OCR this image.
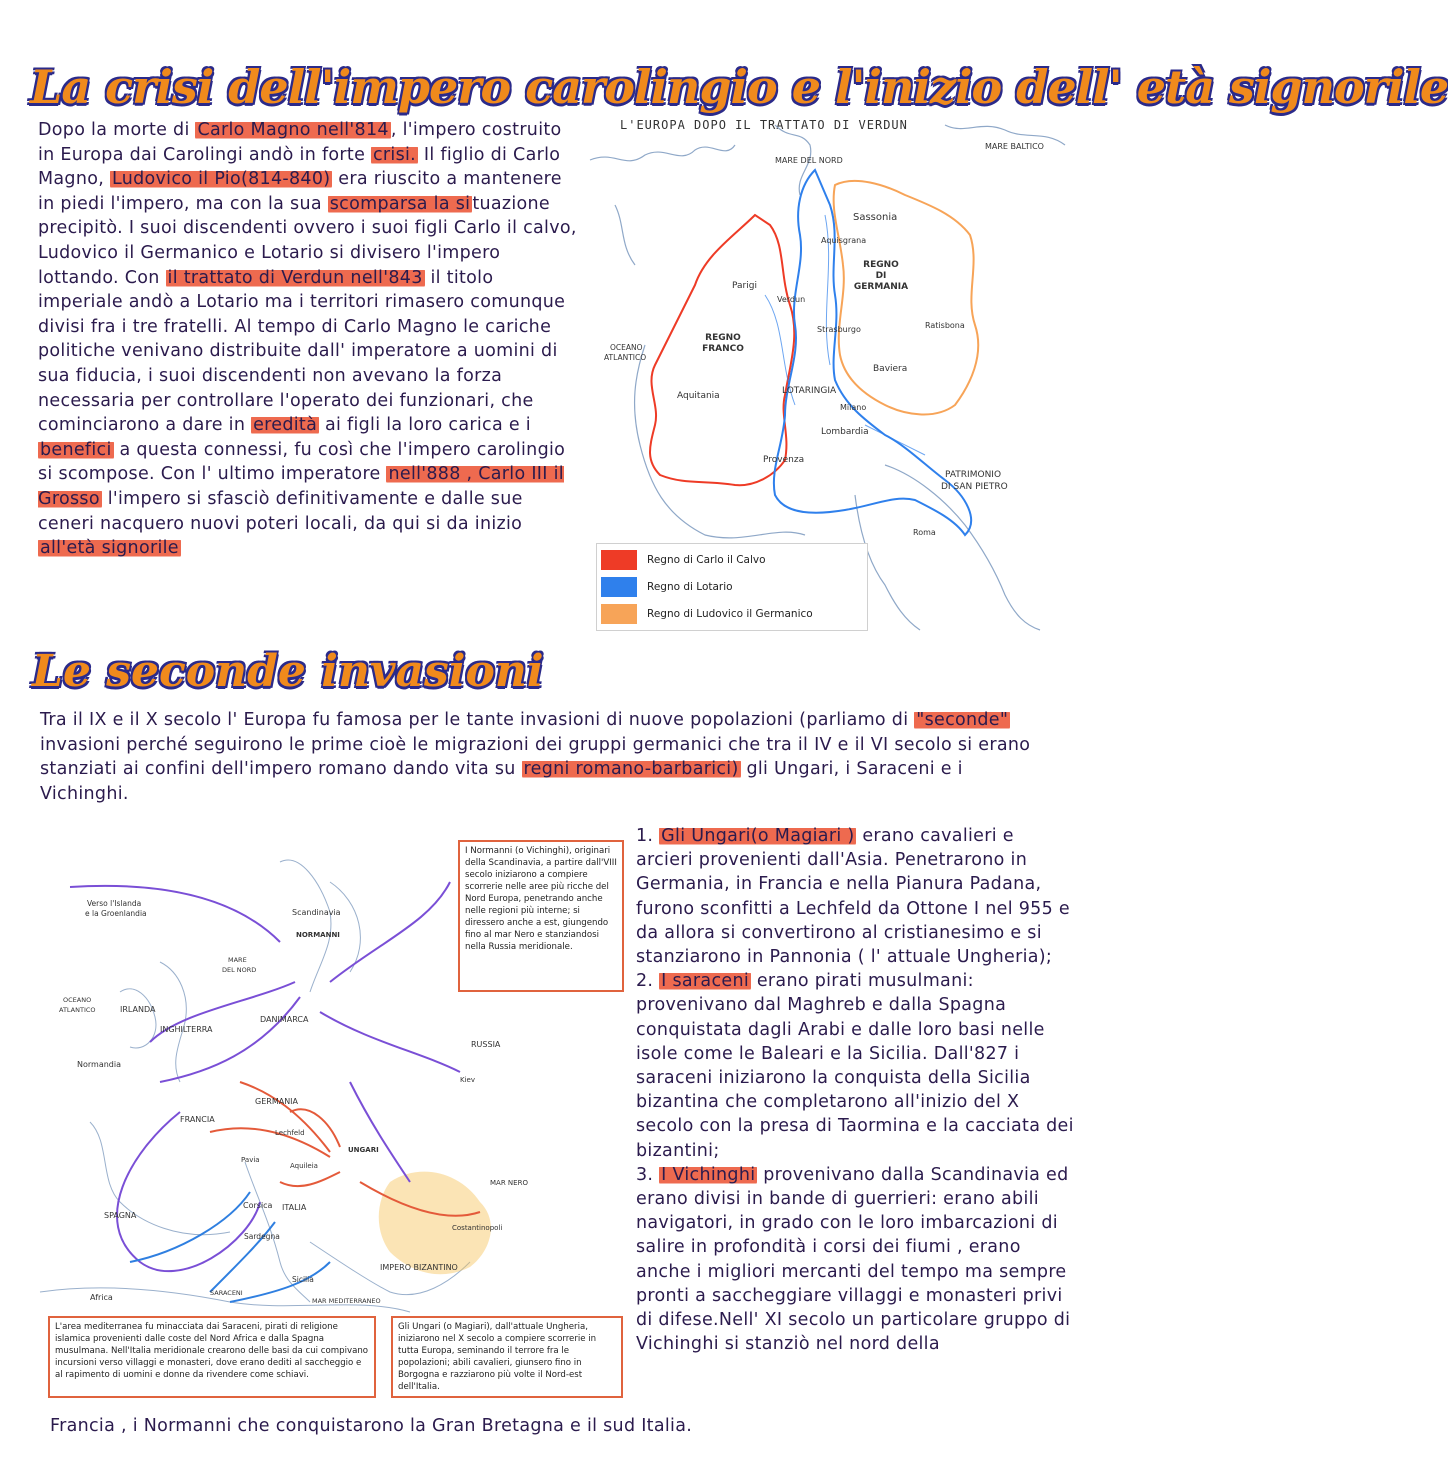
La crisi dell'impero carolingio e l'inizio dell' età signorile

Dopo la morte di Carlo Magno nell'814 , l'impero costruito in Europa dai Carolingi andò in forte crisi. Il figlio di Carlo Magno, Ludovico il Pio(814-840) era riuscito a mantenere in piedi l'impero, ma con la sua scomparsa la si tuazione precipitò. I suoi discendenti ovvero i suoi figli Carlo il calvo, Ludovico il Germanico e Lotario si divisero l'impero lottando. Con il trattato di Verdun nell'843 il titolo imperiale andò a Lotario ma i territori rimasero comunque divisi fra i tre fratelli. Al tempo di Carlo Magno le cariche politiche venivano distribuite dall' imperatore a uomini di sua fiducia, i suoi discendenti non avevano la forza necessaria per controllare l'operato dei funzionari, che cominciarono a dare in eredità ai figli la loro carica e i benefici a questa connessi, fu così che l'impero carolingio si scompose. Con l' ultimo imperatore nell'888 , Carlo III il Grosso l'impero si sfasciò definitivamente e dalle sue ceneri nacquero nuovi poteri locali, da qui si da inizio all'età signorile

L'EUROPA DOPO IL TRATTATO DI VERDUN
MARE DEL NORD
MARE BALTICO
Sassonia
Aquisgrana
REGNO
DI
GERMANIA
Parigi
Verdun
Strasburgo	Ratisbona
OCEANO
ATLANTICO
REGNO
FRANCO
Baviera
Aquitania	LOTARINGIA
Milano
Lombardia
Provenza
PATRIMONIO
DI SAN PIETRO
Roma
Regno di Carlo il Calvo
Regno di Lotario
Regno di Ludovico il Germanico
Le seconde invasioni

Tra il IX e il X secolo l' Europa fu famosa per le tante invasioni di nuove popolazioni (parliamo di "seconde" invasioni perché seguirono le prime cioè le migrazioni dei gruppi germanici che tra il IV e il VI secolo si erano stanziati ai confini dell'impero romano dando vita su regni romano-barbarici) gli Ungari, i Saraceni e i Vichinghi.

Verso l'Islanda
e la Groenlandia	Scandinavia
NORMANNI
MARE
DEL NORD
OCEANO
ATLANTICO	IRLANDA
INGHILTERRA
DANIMARCA
RUSSIA
Kiev
Normandia
GERMANIA
FRANCIA
Lechfeld
UNGARI
Pavia
Aquileia
MAR NERO
Corsica ITALIA
SPAGNA
Sardegna
Costantinopoli
IMPERO BIZANTINO
Sicilia
Africa	SARACENI
MAR MEDITERRANEO
I Normanni (o Vichinghi), originari della Scandinavia, a partire dall'VIII secolo iniziarono a compiere scorrerie nelle aree più ricche del Nord Europa, penetrando anche nelle regioni più interne; si diressero anche a est, giungendo fino al mar Nero e stanziandosi nella Russia meridionale.
L'area mediterranea fu minacciata dai Saraceni, pirati di religione islamica provenienti dalle coste del Nord Africa e dalla Spagna musulmana. Nell'Italia meridionale crearono delle basi da cui compivano incursioni verso villaggi e monasteri, dove erano dediti al saccheggio e al rapimento di uomini e donne da rivendere come schiavi.
Gli Ungari (o Magiari), dall'attuale Ungheria, iniziarono nel X secolo a compiere scorrerie in tutta Europa, seminando il terrore fra le popolazioni; abili cavalieri, giunsero fino in Borgogna e razziarono più volte il Nord-est dell'Italia.

1. Gli Ungari(o Magiari ) erano cavalieri e arcieri provenienti dall'Asia. Penetrarono in Germania, in Francia e nella Pianura Padana, furono sconfitti a Lechfeld da Ottone I nel 955 e da allora si convertirono al cristianesimo e si stanziarono in Pannonia ( l' attuale Ungheria);
2. I saraceni erano pirati musulmani: provenivano dal Maghreb e dalla Spagna conquistata dagli Arabi e dalle loro basi nelle isole come le Baleari e la Sicilia. Dall'827 i saraceni iniziarono la conquista della Sicilia bizantina che completarono all'inizio del X secolo con la presa di Taormina e la cacciata dei bizantini;
3. I Vichinghi provenivano dalla Scandinavia ed erano divisi in bande di guerrieri: erano abili navigatori, in grado con le loro imbarcazioni di salire in profondità i corsi dei fiumi , erano anche i migliori mercanti del tempo ma sempre pronti a saccheggiare villaggi e monasteri privi di difese.Nell' XI secolo un particolare gruppo di Vichinghi si stanziò nel nord della

Francia , i Normanni che conquistarono la Gran Bretagna e il sud Italia.
